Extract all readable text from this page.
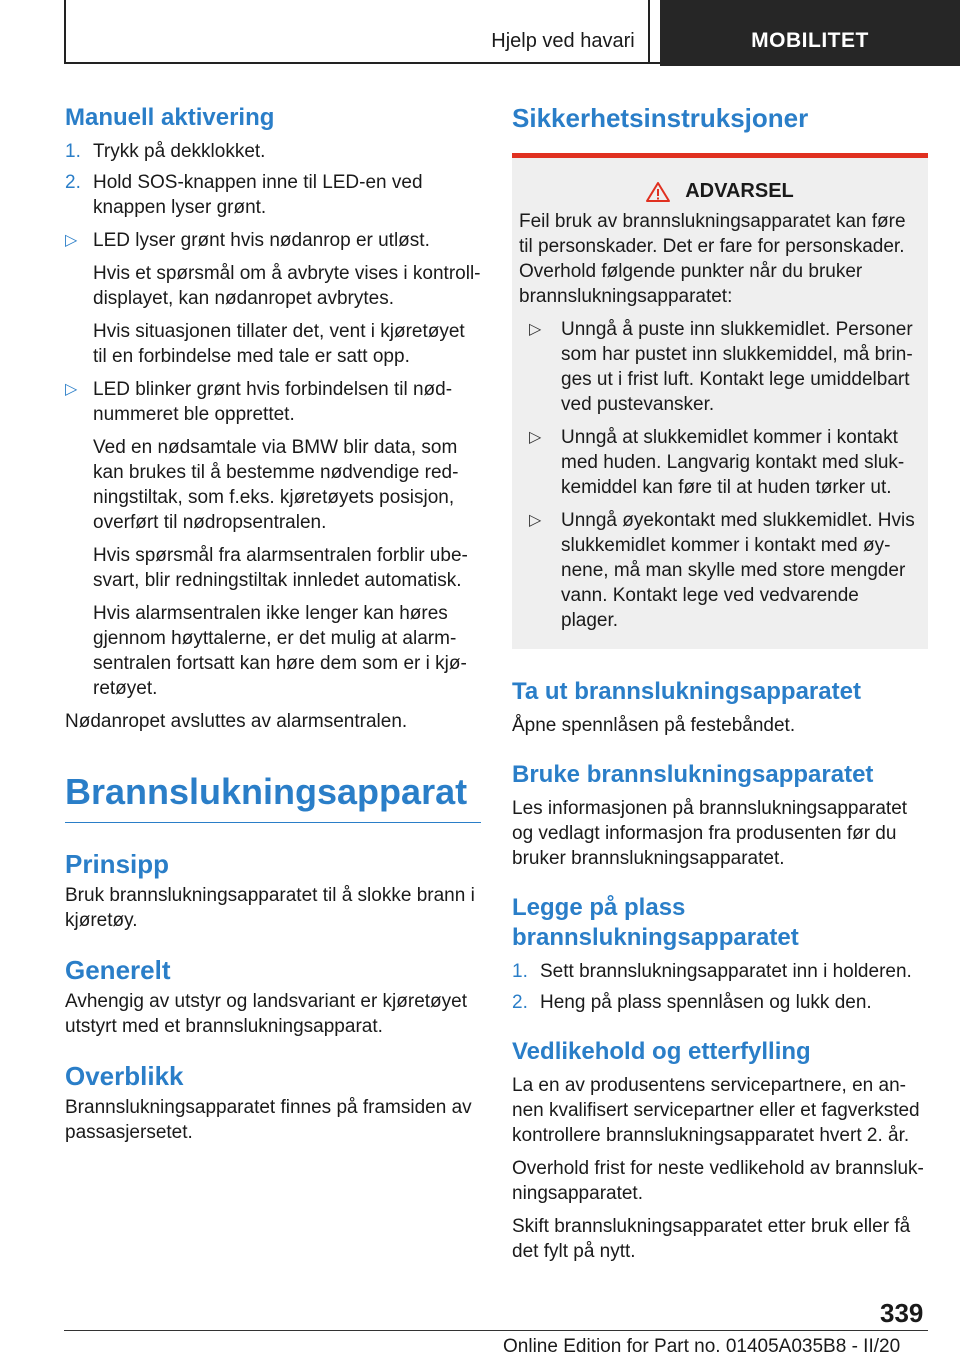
Hjelp ved havari	MOBILITET
Manuell aktivering
1. Trykk på dekklokket.
2. Hold SOS-knappen inne til LED-en ved knappen lyser grønt.
▷ LED lyser grønt hvis nødanrop er utløst.

Hvis et spørsmål om å avbryte vises i kontroll-displayet, kan nødanropet avbrytes.

Hvis situasjonen tillater det, vent i kjøretøyet til en forbindelse med tale er satt opp.

▷ LED blinker grønt hvis forbindelsen til nød-nummeret ble opprettet.

Ved en nødsamtale via BMW blir data, som kan brukes til å bestemme nødvendige red-ningstiltak, som f.eks. kjøretøyets posisjon, overført til nødropsentralen.

Hvis spørsmål fra alarmsentralen forblir ube-svart, blir redningstiltak innledet automatisk.

Hvis alarmsentralen ikke lenger kan høres gjennom høyttalerne, er det mulig at alarm-sentralen fortsatt kan høre dem som er i kjø-retøyet.

Nødanropet avsluttes av alarmsentralen.

Brannslukningsapparat
Prinsipp

Bruk brannslukningsapparatet til å slokke brann i kjøretøy.

Generelt

Avhengig av utstyr og landsvariant er kjøretøyet utstyrt med et brannslukningsapparat.

Overblikk

Brannslukningsapparatet finnes på framsiden av passasjersetet.

Sikkerhetsinstruksjoner
ADVARSEL

Feil bruk av brannslukningsapparatet kan føre til personskader. Det er fare for personskader. Overhold følgende punkter når du bruker brannslukningsapparatet:

▷	Unngå å puste inn slukkemidlet. Personer som har pustet inn slukkemiddel, må brin-ges ut i frist luft. Kontakt lege umiddelbart ved pustevansker.
▷	Unngå at slukkemidlet kommer i kontakt med huden. Langvarig kontakt med sluk-kemiddel kan føre til at huden tørker ut.
▷	Unngå øyekontakt med slukkemidlet. Hvis slukkemidlet kommer i kontakt med øy-nene, må man skylle med store mengder vann. Kontakt lege ved vedvarende plager.
Ta ut brannslukningsapparatet

Åpne spennlåsen på festebåndet.

Bruke brannslukningsapparatet

Les informasjonen på brannslukningsapparatet og vedlagt informasjon fra produsenten før du bruker brannslukningsapparatet.

Legge på plass brannslukningsapparatet
1. Sett brannslukningsapparatet inn i holderen.
2. Heng på plass spennlåsen og lukk den.
Vedlikehold og etterfylling

La en av produsentens servicepartnere, en an-nen kvalifisert servicepartner eller et fagverksted kontrollere brannslukningsapparatet hvert 2. år.

Overhold frist for neste vedlikehold av brannsluk-ningsapparatet.

Skift brannslukningsapparatet etter bruk eller få det fylt på nytt.

339
Online Edition for Part no. 01405A035B8 - II/20
